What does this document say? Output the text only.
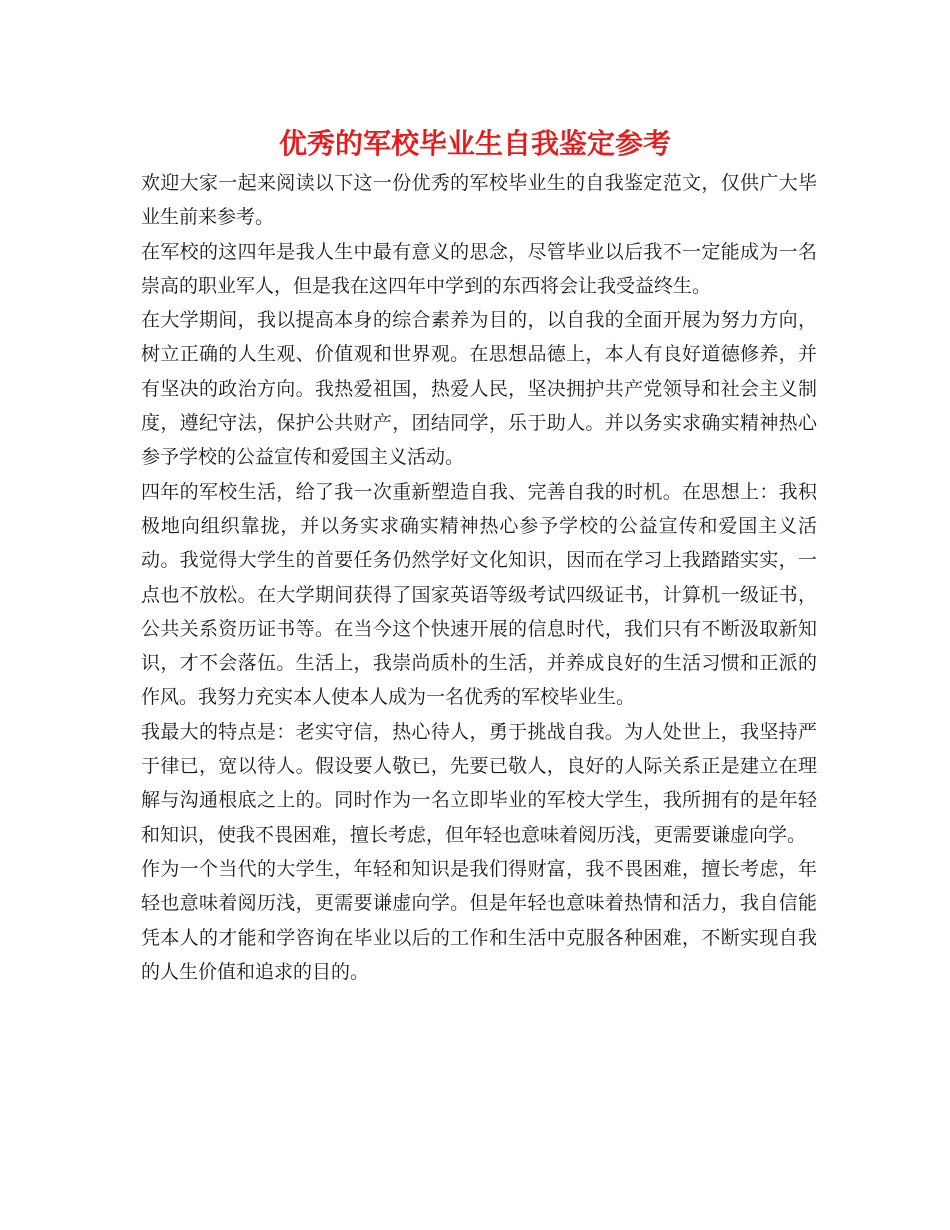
优秀的军校毕业生自我鉴定参考

欢迎大家一起来阅读以下这一份优秀的军校毕业生的自我鉴定范文，仅供广大毕业生前来参考。

在军校的这四年是我人生中最有意义的思念，尽管毕业以后我不一定能成为一名崇高的职业军人，但是我在这四年中学到的东西将会让我受益终生。

在大学期间，我以提高本身的综合素养为目的，以自我的全面开展为努力方向，树立正确的人生观、价值观和世界观。在思想品德上，本人有良好道德修养，并有坚决的政治方向。我热爱祖国，热爱人民，坚决拥护共产党领导和社会主义制度，遵纪守法，保护公共财产，团结同学，乐于助人。并以务实求确实精神热心参予学校的公益宣传和爱国主义活动。

四年的军校生活，给了我一次重新塑造自我、完善自我的时机。在思想上：我积极地向组织靠拢，并以务实求确实精神热心参予学校的公益宣传和爱国主义活动。我觉得大学生的首要任务仍然学好文化知识，因而在学习上我踏踏实实，一点也不放松。在大学期间获得了国家英语等级考试四级证书，计算机一级证书，公共关系资历证书等。在当今这个快速开展的信息时代，我们只有不断汲取新知识，才不会落伍。生活上，我崇尚质朴的生活，并养成良好的生活习惯和正派的作风。我努力充实本人使本人成为一名优秀的军校毕业生。

我最大的特点是：老实守信，热心待人，勇于挑战自我。为人处世上，我坚持严于律已，宽以待人。假设要人敬已，先要已敬人，良好的人际关系正是建立在理解与沟通根底之上的。同时作为一名立即毕业的军校大学生，我所拥有的是年轻和知识，使我不畏困难，擅长考虑，但年轻也意味着阅历浅，更需要谦虚向学。

作为一个当代的大学生，年轻和知识是我们得财富，我不畏困难，擅长考虑，年轻也意味着阅历浅，更需要谦虚向学。但是年轻也意味着热情和活力，我自信能凭本人的才能和学咨询在毕业以后的工作和生活中克服各种困难，不断实现自我的人生价值和追求的目的。
